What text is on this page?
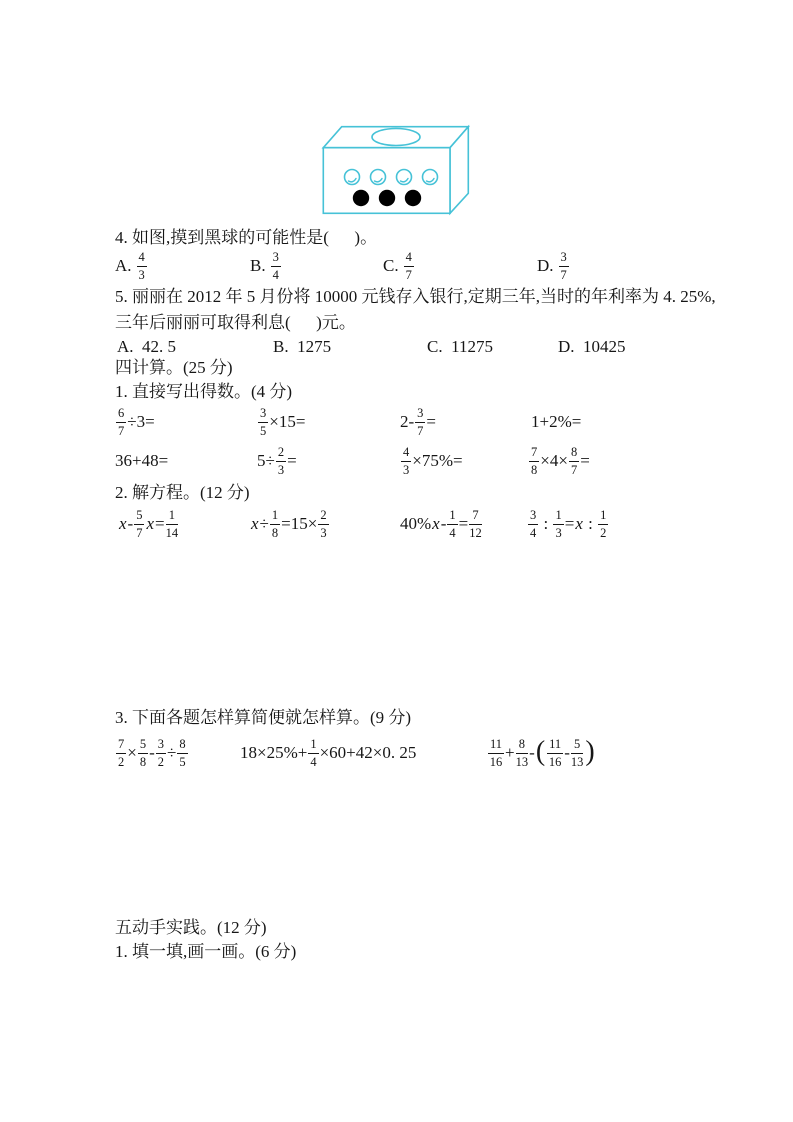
4. 如图,摸到黑球的可能性是(      )。
A. $\frac{4}{3}$	B. $\frac{3}{4}$	C. $\frac{4}{7}$	D. $\frac{3}{7}$
5. 丽丽在 2012 年 5 月份将 10000 元钱存入银行,定期三年,当时的年利率为 4. 25%,
三年后丽丽可取得利息(      )元。
A.  42. 5	B.  1275	C.  11275	D.  10425
四计算。(25 分)
1. 直接写出得数。(4 分)
$\frac{6}{7} \div 3=$	$\frac{3}{5} \times 15=$	$2- \frac{3}{7}$ =	1+2%=
36+48=	$5\div \frac{2}{3}$ =	$\frac{4}{3} \times 75\%=$	$\frac{7}{8} \times 4\times \frac{8}{7}$ =
2. 解方程。(12 分)
x - $\frac{5}{7}$ $x = \frac{1}{14}$	$x \div \frac{1}{8} =15\times \frac{2}{3}$	40% $x - \frac{1}{4} = \frac{7}{12}$	$\frac{3}{4}$ : $\frac{1}{3} = x$ : $\frac{1}{2}$
3. 下面各题怎样算简便就怎样算。(9 分)
$\frac{7}{2} \times \frac{5}{8} - \frac{3}{2} \div \frac{8}{5}$	$18\times 25\%+ \frac{1}{4} \times 60+42\times 0$. 25	$\frac{11}{16} + \frac{8}{13}$ - ( $\frac{11}{16} - \frac{5}{13}$ )
五动手实践。(12 分)
1. 填一填,画一画。(6 分)
